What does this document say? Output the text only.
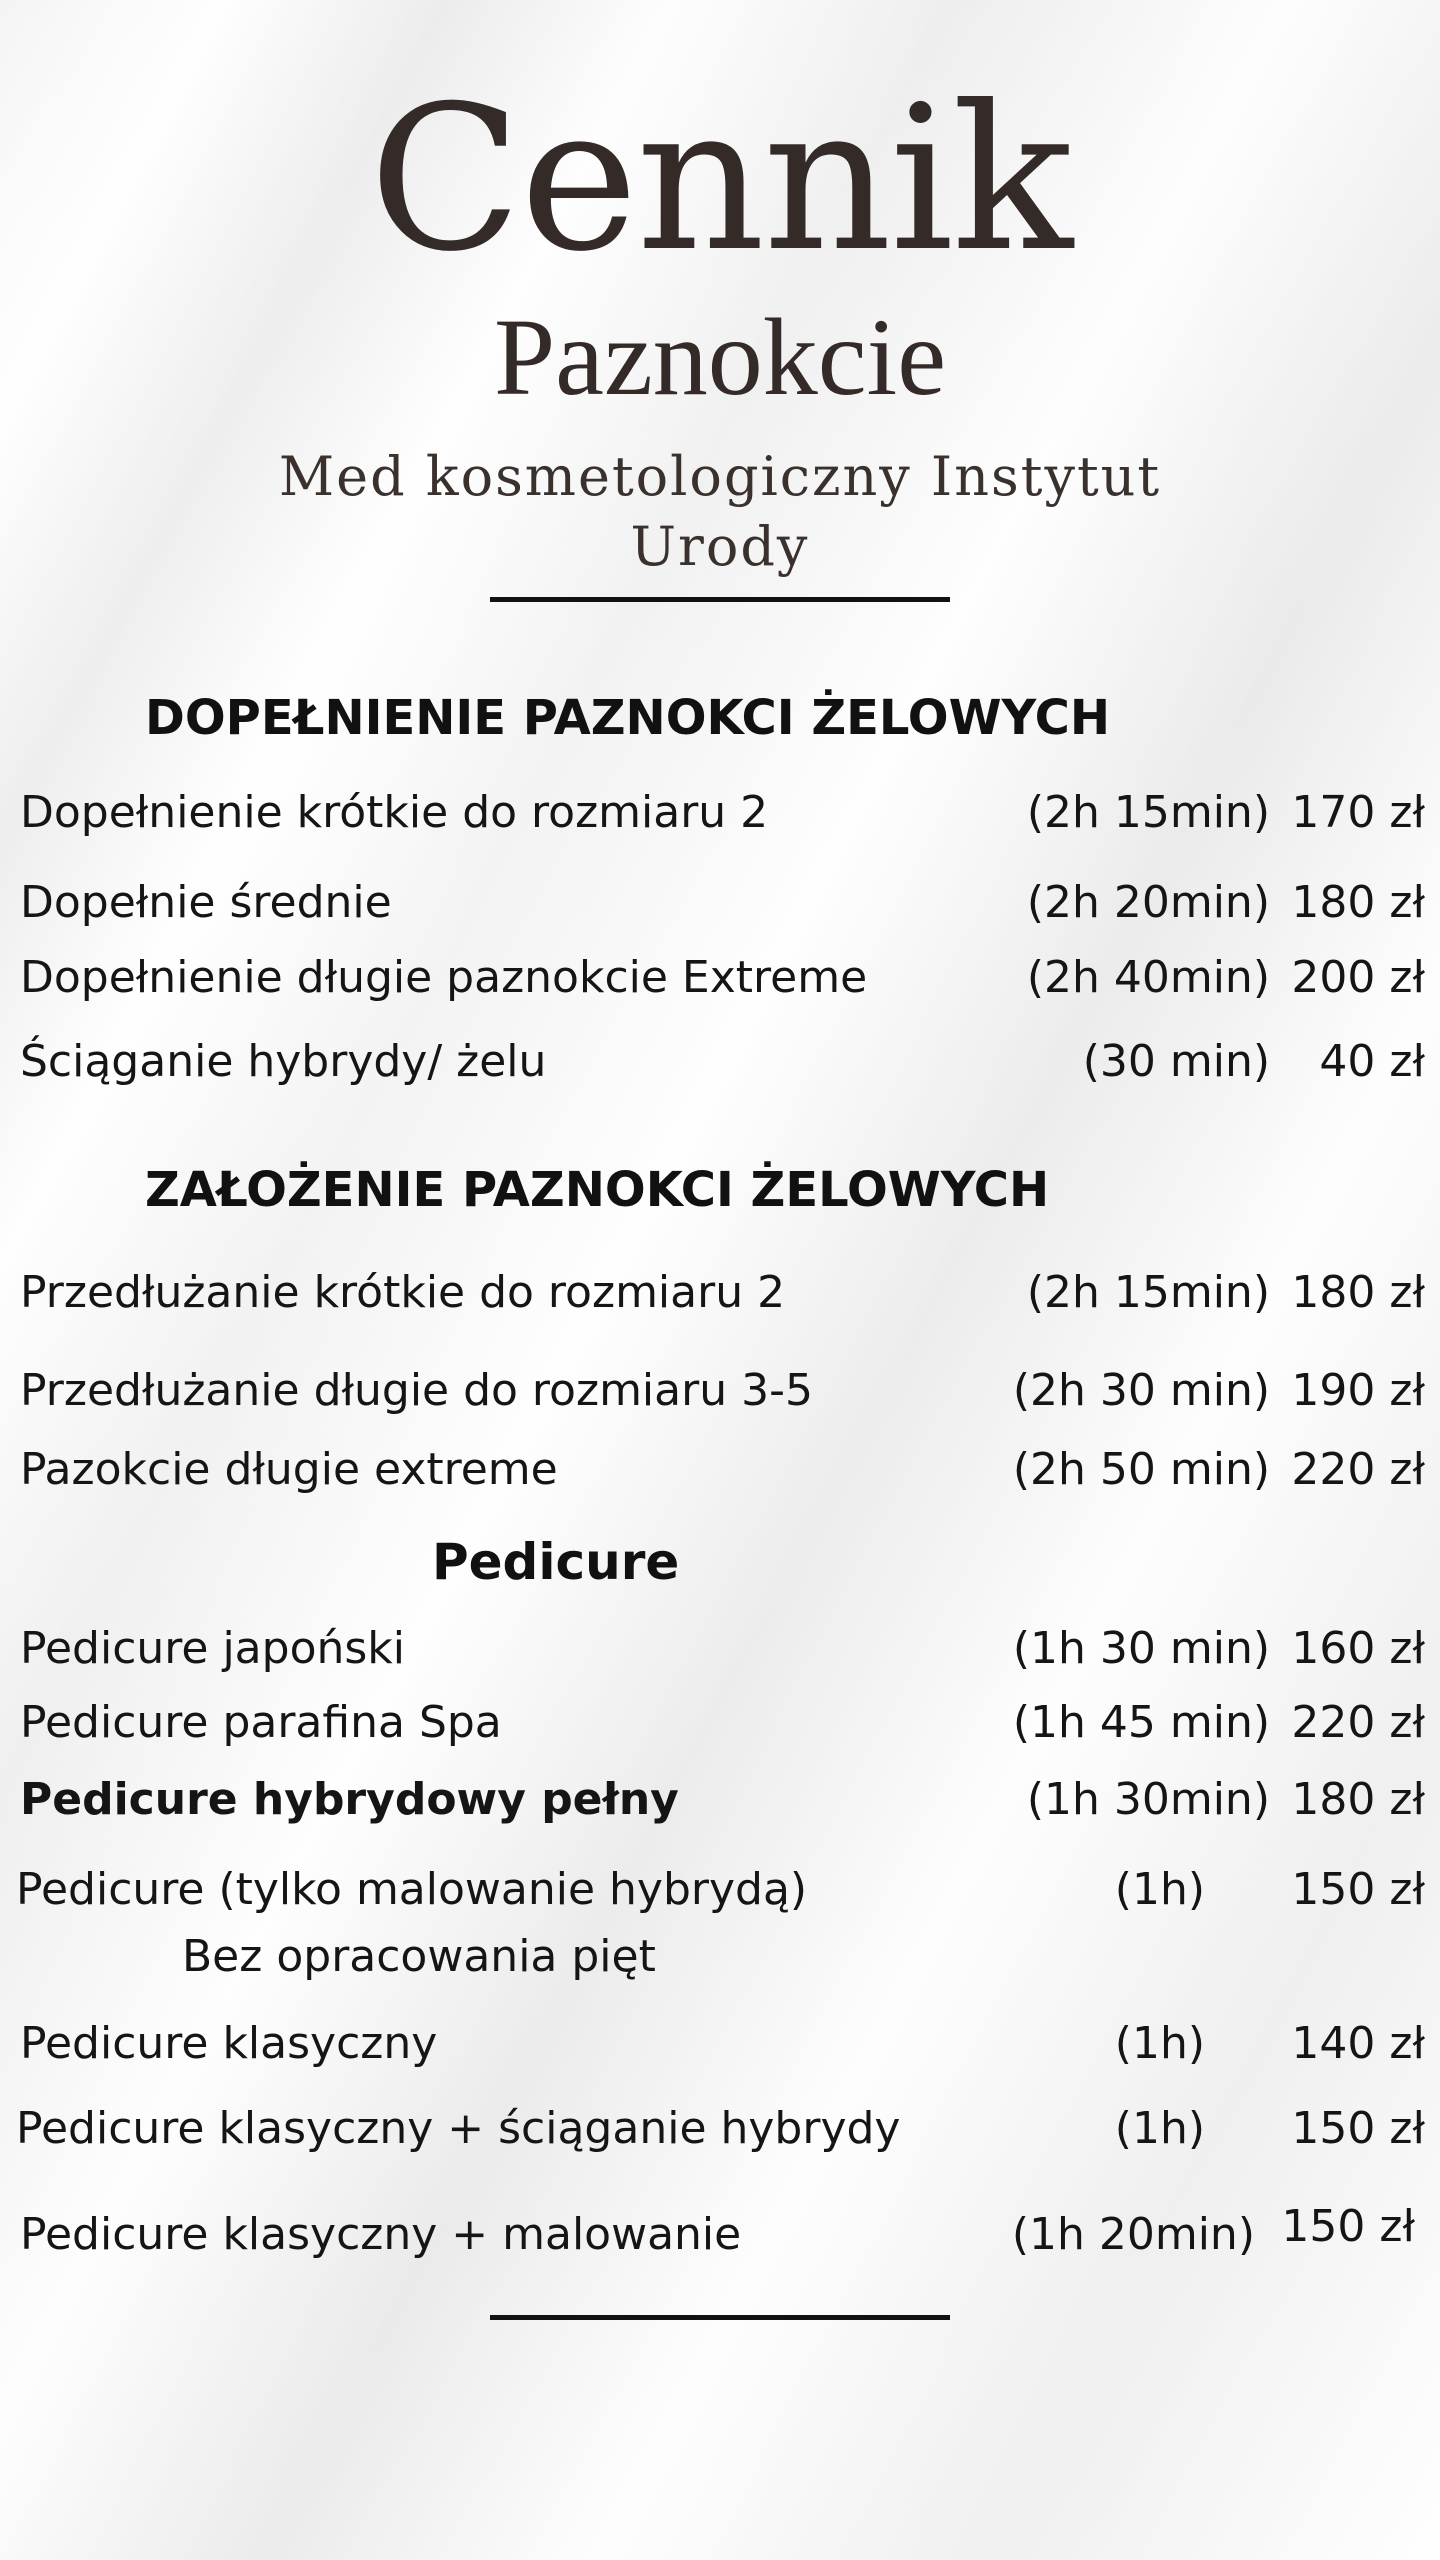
Cennik
Paznokcie
Med kosmetologiczny Instytut
Urody
DOPEŁNIENIE PAZNOKCI ŻELOWYCH
Dopełnienie krótkie do rozmiaru 2	(2h 15min) 170 zł
Dopełnie średnie	(2h 20min) 180 zł
Dopełnienie długie paznokcie Extreme	(2h 40min) 200 zł
Ściąganie hybrydy/ żelu	(30 min) 40 zł
ZAŁOŻENIE PAZNOKCI ŻELOWYCH
Przedłużanie krótkie do rozmiaru 2	(2h 15min) 180 zł
Przedłużanie długie do rozmiaru 3-5	(2h 30 min) 190 zł
Pazokcie długie extreme	(2h 50 min) 220 zł
Pedicure
Pedicure japoński	(1h 30 min) 160 zł
Pedicure parafina Spa	(1h 45 min) 220 zł
Pedicure hybrydowy pełny	(1h 30min) 180 zł
Pedicure (tylko malowanie hybrydą)	(1h) 150 zł
Bez opracowania pięt
Pedicure klasyczny	(1h) 140 zł
Pedicure klasyczny + ściąganie hybrydy	(1h) 150 zł
Pedicure klasyczny + malowanie	(1h 20min) 150 zł
